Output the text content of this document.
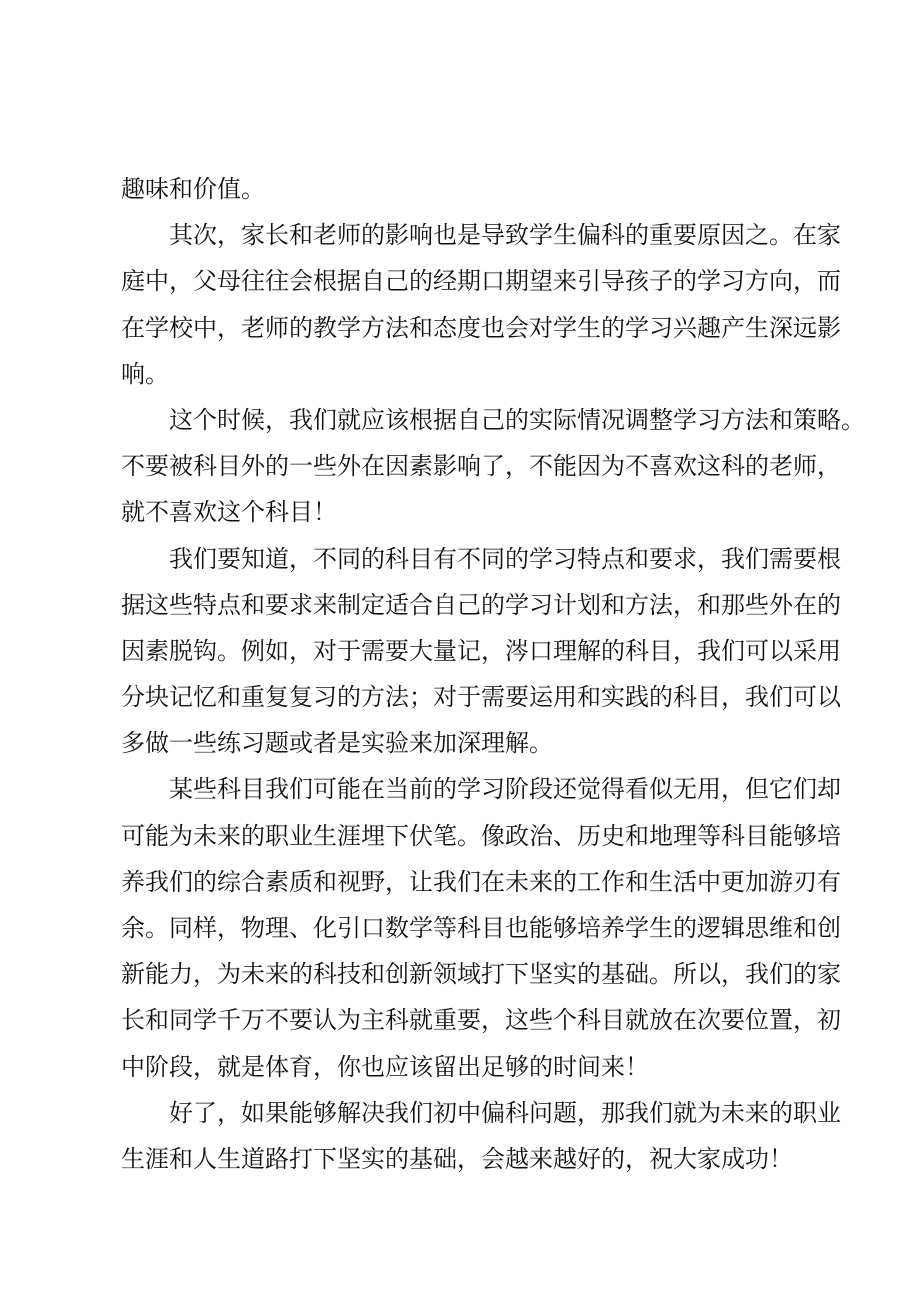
趣味和价值。

其次，家长和老师的影响也是导致学生偏科的重要原因之。在家
庭中，父母往往会根据自己的经期口期望来引导孩子的学习方向，而
在学校中，老师的教学方法和态度也会对学生的学习兴趣产生深远影
响。

这个时候，我们就应该根据自己的实际情况调整学习方法和策略。
不要被科目外的一些外在因素影响了，不能因为不喜欢这科的老师，
就不喜欢这个科目！

我们要知道，不同的科目有不同的学习特点和要求，我们需要根
据这些特点和要求来制定适合自己的学习计划和方法，和那些外在的
因素脱钩。例如，对于需要大量记，涔口理解的科目，我们可以采用
分块记忆和重复复习的方法；对于需要运用和实践的科目，我们可以
多做一些练习题或者是实验来加深理解。

某些科目我们可能在当前的学习阶段还觉得看似无用，但它们却
可能为未来的职业生涯埋下伏笔。像政治、历史和地理等科目能够培
养我们的综合素质和视野，让我们在未来的工作和生活中更加游刃有
余。同样，物理、化引口数学等科目也能够培养学生的逻辑思维和创
新能力，为未来的科技和创新领域打下坚实的基础。所以，我们的家
长和同学千万不要认为主科就重要，这些个科目就放在次要位置，初
中阶段，就是体育，你也应该留出足够的时间来！

好了，如果能够解决我们初中偏科问题，那我们就为未来的职业
生涯和人生道路打下坚实的基础，会越来越好的，祝大家成功！
